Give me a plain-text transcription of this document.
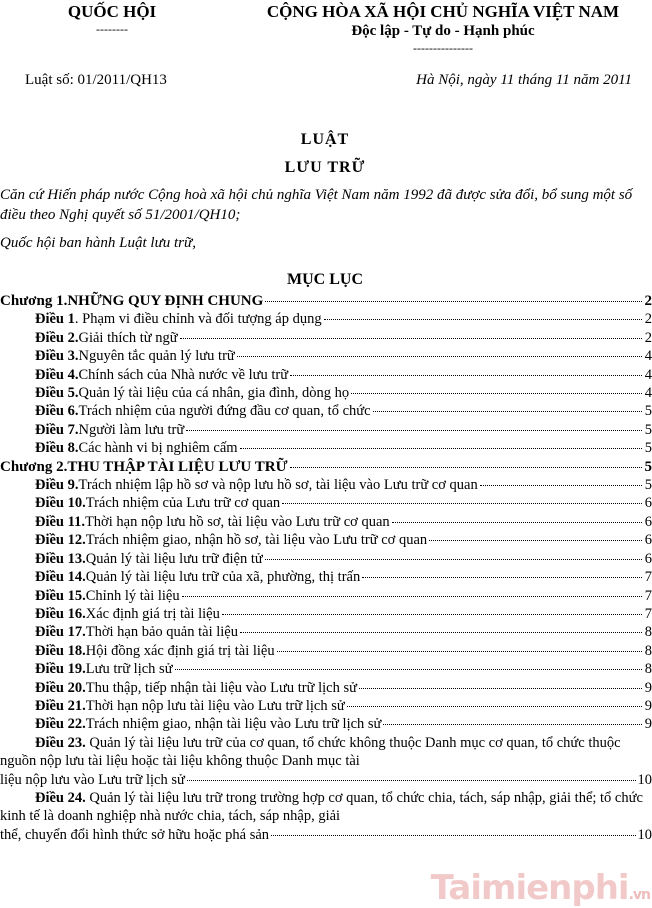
QUỐC HỘI
--------
CỘNG HÒA XÃ HỘI CHỦ NGHĨA VIỆT NAM
Độc lập - Tự do - Hạnh phúc
---------------
Luật số: 01/2011/QH13	Hà Nội, ngày 11 tháng 11 năm 2011
LUẬT
LƯU TRỮ

Căn cứ Hiến pháp nước Cộng hoà xã hội chủ nghĩa Việt Nam năm 1992 đã được sửa đổi, bổ sung một số điều theo Nghị quyết số 51/2001/QH10;

Quốc hội ban hành Luật lưu trữ,

MỤC LỤC
Chương 1. NHỮNG QUY ĐỊNH CHUNG	2
Điều 1 . Phạm vi điều chỉnh và đối tượng áp dụng	2
Điều 2. Giải thích từ ngữ	2
Điều 3. Nguyên tắc quản lý lưu trữ	4
Điều 4. Chính sách của Nhà nước về lưu trữ	4
Điều 5. Quản lý tài liệu của cá nhân, gia đình, dòng họ	4
Điều 6. Trách nhiệm của người đứng đầu cơ quan, tổ chức	5
Điều 7. Người làm lưu trữ	5
Điều 8. Các hành vi bị nghiêm cấm	5
Chương 2. THU THẬP TÀI LIỆU LƯU TRỮ	5
Điều 9. Trách nhiệm lập hồ sơ và nộp lưu hồ sơ, tài liệu vào Lưu trữ cơ quan	5
Điều 10. Trách nhiệm của Lưu trữ cơ quan	6
Điều 11. Thời hạn nộp lưu hồ sơ, tài liệu vào Lưu trữ cơ quan	6
Điều 12. Trách nhiệm giao, nhận hồ sơ, tài liệu vào Lưu trữ cơ quan	6
Điều 13. Quản lý tài liệu lưu trữ điện tử	6
Điều 14. Quản lý tài liệu lưu trữ của xã, phường, thị trấn	7
Điều 15. Chỉnh lý tài liệu	7
Điều 16. Xác định giá trị tài liệu	7
Điều 17. Thời hạn bảo quản tài liệu	8
Điều 18. Hội đồng xác định giá trị tài liệu	8
Điều 19. Lưu trữ lịch sử	8
Điều 20. Thu thập, tiếp nhận tài liệu vào Lưu trữ lịch sử	9
Điều 21. Thời hạn nộp lưu tài liệu vào Lưu trữ lịch sử	9
Điều 22. Trách nhiệm giao, nhận tài liệu vào Lưu trữ lịch sử	9
Điều 23. Quản lý tài liệu lưu trữ của cơ quan, tổ chức không thuộc Danh mục cơ quan, tổ chức thuộc nguồn nộp lưu tài liệu hoặc tài liệu không thuộc Danh mục tài
liệu nộp lưu vào Lưu trữ lịch sử	10
Điều 24. Quản lý tài liệu lưu trữ trong trường hợp cơ quan, tổ chức chia, tách, sáp nhập, giải thể; tổ chức kinh tế là doanh nghiệp nhà nước chia, tách, sáp nhập, giải
thể, chuyển đổi hình thức sở hữu hoặc phá sản	10
Taimienphi.vn
